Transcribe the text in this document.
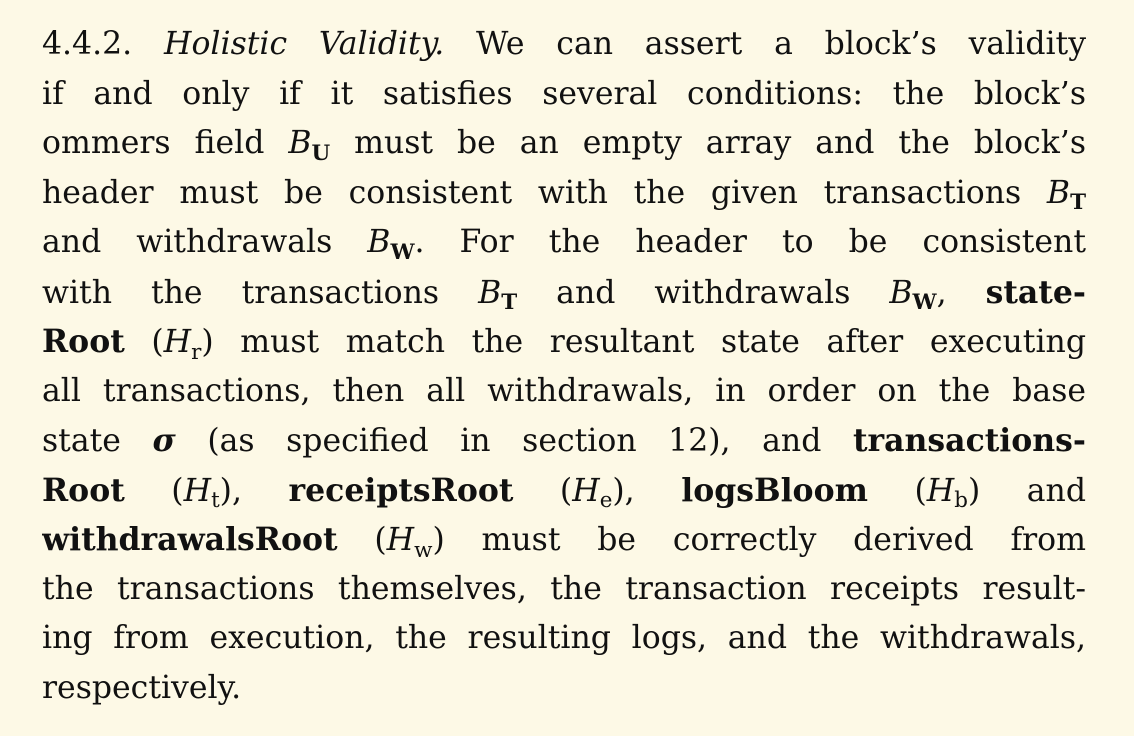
4.4.2. Holistic Validity. We can assert a block’s validity
if and only if it satisfies several conditions: the block’s
ommers field $B_U$ must be an empty array and the block’s
header must be consistent with the given transactions $B_T$
and withdrawals $B_W$. For the header to be consistent
with the transactions $B_T$ and withdrawals $B_W$, state-
Root $(H_r)$ must match the resultant state after executing
all transactions, then all withdrawals, in order on the base
state σ (as specified in section 12), and transactions-
Root $(H_t)$, receiptsRoot $(H_e)$, logsBloom $(H_b)$ and
withdrawalsRoot $(H_w)$ must be correctly derived from
the transactions themselves, the transaction receipts result-
ing from execution, the resulting logs, and the withdrawals,
respectively.
